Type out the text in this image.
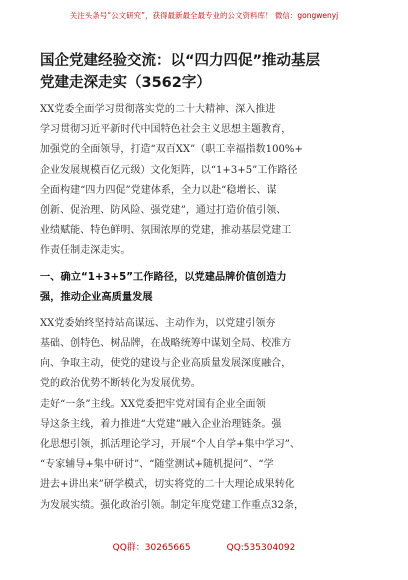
关注头条号“公文研究”，获得最新最全最专业的公文资料库！ 微信：gongwenyj
国企党建经验交流：以“四力四促”推动基层
党建走深走实（3562字）
XX党委全面学习贯彻落实党的二十大精神、深入推进
学习贯彻习近平新时代中国特色社会主义思想主题教育，
加强党的全面领导，打造“双百XX”（职工幸福指数100%+
企业发展规模百亿元级）文化矩阵，以“1+3+5”工作路径
全面构建“四力四促”党建体系，全力以赴“稳增长、谋
创新、促治理、防风险、强党建”，通过打造价值引领、
业绩赋能、特色鲜明、氛围浓厚的党建，推动基层党建工
作责任制走深走实。
一、确立“1+3+5”工作路径，以党建品牌价值创造力
强，推动企业高质量发展
XX党委始终坚持站高谋远、主动作为，以党建引领夯
基础、创特色、树品牌，在战略统筹中谋划全局、校准方
向、争取主动，使党的建设与企业高质量发展深度融合，
党的政治优势不断转化为发展优势。
走好“一条”主线。XX党委把牢党对国有企业全面领
导这条主线，着力推进“大党建”融入企业治理链条。强
化思想引领，抓活理论学习，开展“个人自学+集中学习”、
“专家辅导+集中研讨”、“随堂测试+随机提问”、“学
进去+讲出来”研学模式，切实将党的二十大理论成果转化
为发展实绩。强化政治引领。制定年度党建工作重点32条，
QQ群：30265665	QQ:535304092
